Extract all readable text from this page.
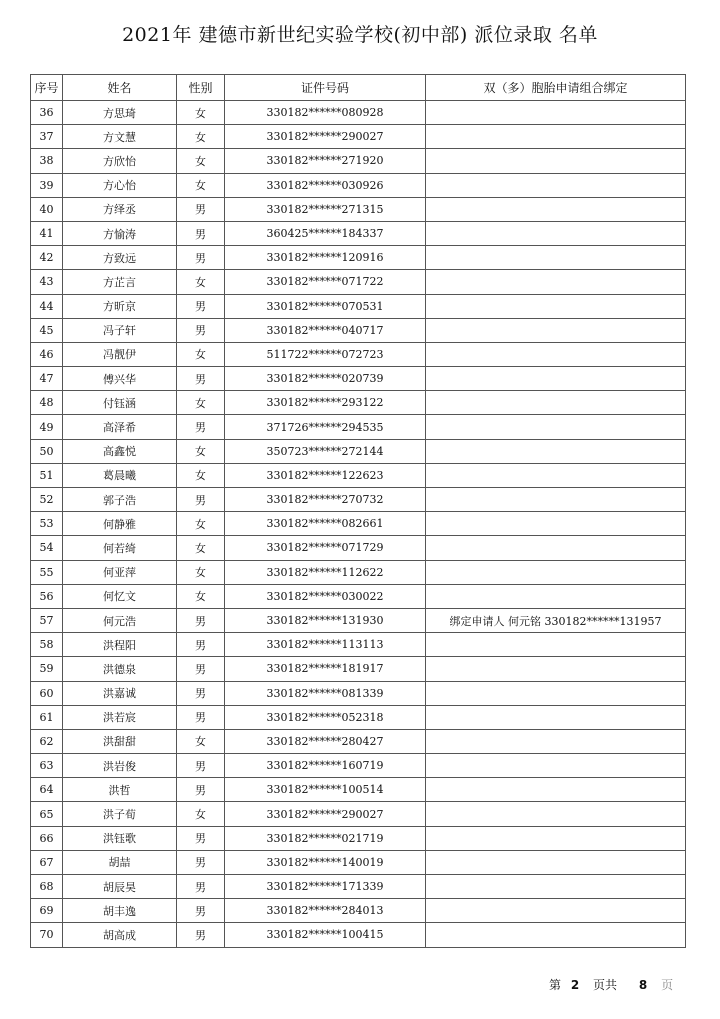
2021年 建德市新世纪实验学校(初中部) 派位录取 名单
序号	姓名	性别	证件号码	双（多）胞胎申请组合绑定
36	方思琦	女	330182******080928	
37	方文慧	女	330182******290027	
38	方欣怡	女	330182******271920	
39	方心怡	女	330182******030926	
40	方绎丞	男	330182******271315	
41	方愉涛	男	360425******184337	
42	方致远	男	330182******120916	
43	方芷言	女	330182******071722	
44	方昕京	男	330182******070531	
45	冯子轩	男	330182******040717	
46	冯靓伊	女	511722******072723	
47	傅兴华	男	330182******020739	
48	付钰涵	女	330182******293122	
49	高泽希	男	371726******294535	
50	高鑫悦	女	350723******272144	
51	葛晨曦	女	330182******122623	
52	郭子浩	男	330182******270732	
53	何静雅	女	330182******082661	
54	何若绮	女	330182******071729	
55	何亚萍	女	330182******112622	
56	何忆文	女	330182******030022	
57	何元浩	男	330182******131930	绑定申请人 何元铭 330182******131957
58	洪程阳	男	330182******113113	
59	洪德泉	男	330182******181917	
60	洪嘉诚	男	330182******081339	
61	洪若宸	男	330182******052318	
62	洪甜甜	女	330182******280427	
63	洪岩俊	男	330182******160719	
64	洪哲	男	330182******100514	
65	洪子荀	女	330182******290027	
66	洪钰歌	男	330182******021719	
67	胡喆	男	330182******140019	
68	胡辰昊	男	330182******171339	
69	胡丰逸	男	330182******284013	
70	胡高成	男	330182******100415	
第 2 页共 8 页
